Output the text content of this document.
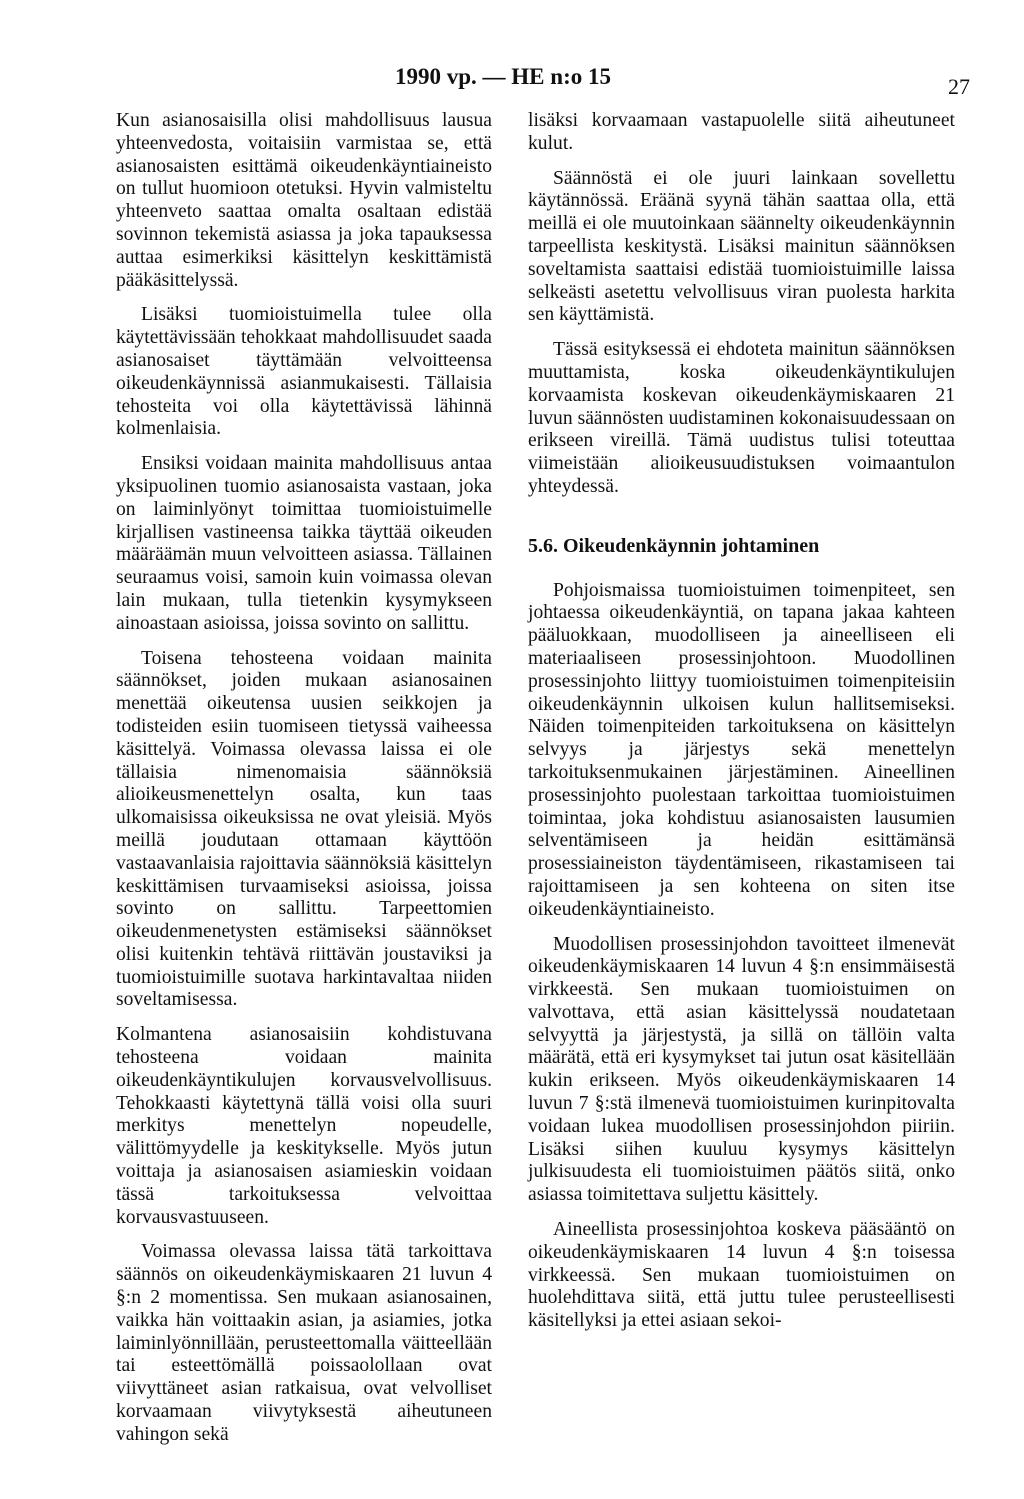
1990 vp. — HE n:o 15	27

Kun asianosaisilla olisi mahdollisuus lausua yhteenvedosta, voitaisiin varmistaa se, että asianosaisten esittämä oikeudenkäyntiaineisto on tullut huomioon otetuksi. Hyvin valmisteltu yhteenveto saattaa omalta osaltaan edistää sovinnon tekemistä asiassa ja joka tapauksessa auttaa esimerkiksi käsittelyn keskittämistä pääkäsittelyssä.

Lisäksi tuomioistuimella tulee olla käytettävissään tehokkaat mahdollisuudet saada asianosaiset täyttämään velvoitteensa oikeudenkäynnissä asianmukaisesti. Tällaisia tehosteita voi olla käytettävissä lähinnä kolmenlaisia.

Ensiksi voidaan mainita mahdollisuus antaa yksipuolinen tuomio asianosaista vastaan, joka on laiminlyönyt toimittaa tuomioistuimelle kirjallisen vastineensa taikka täyttää oikeuden määräämän muun velvoitteen asiassa. Tällainen seuraamus voisi, samoin kuin voimassa olevan lain mukaan, tulla tietenkin kysymykseen ainoastaan asioissa, joissa sovinto on sallittu.

Toisena tehosteena voidaan mainita säännökset, joiden mukaan asianosainen menettää oikeutensa uusien seikkojen ja todisteiden esiin tuomiseen tietyssä vaiheessa käsittelyä. Voimassa olevassa laissa ei ole tällaisia nimenomaisia säännöksiä alioikeusmenettelyn osalta, kun taas ulkomaisissa oikeuksissa ne ovat yleisiä. Myös meillä joudutaan ottamaan käyttöön vastaavanlaisia rajoittavia säännöksiä käsittelyn keskittämisen turvaamiseksi asioissa, joissa sovinto on sallittu. Tarpeettomien oikeudenmenetysten estämiseksi säännökset olisi kuitenkin tehtävä riittävän joustaviksi ja tuomioistuimille suotava harkintavaltaa niiden soveltamisessa.

Kolmantena asianosaisiin kohdistuvana tehosteena voidaan mainita oikeudenkäyntikulujen korvausvelvollisuus. Tehokkaasti käytettynä tällä voisi olla suuri merkitys menettelyn nopeudelle, välittömyydelle ja keskitykselle. Myös jutun voittaja ja asianosaisen asiamieskin voidaan tässä tarkoituksessa velvoittaa korvausvastuuseen.

Voimassa olevassa laissa tätä tarkoittava säännös on oikeudenkäymiskaaren 21 luvun 4 §:n 2 momentissa. Sen mukaan asianosainen, vaikka hän voittaakin asian, ja asiamies, jotka laiminlyönnillään, perusteettomalla väitteellään tai esteettömällä poissaolollaan ovat viivyttäneet asian ratkaisua, ovat velvolliset korvaamaan viivytyksestä aiheutuneen vahingon sekä

lisäksi korvaamaan vastapuolelle siitä aiheutuneet kulut.

Säännöstä ei ole juuri lainkaan sovellettu käytännössä. Eräänä syynä tähän saattaa olla, että meillä ei ole muutoinkaan säännelty oikeudenkäynnin tarpeellista keskitystä. Lisäksi mainitun säännöksen soveltamista saattaisi edistää tuomioistuimille laissa selkeästi asetettu velvollisuus viran puolesta harkita sen käyttämistä.

Tässä esityksessä ei ehdoteta mainitun säännöksen muuttamista, koska oikeudenkäyntikulujen korvaamista koskevan oikeudenkäymiskaaren 21 luvun säännösten uudistaminen kokonaisuudessaan on erikseen vireillä. Tämä uudistus tulisi toteuttaa viimeistään alioikeusuudistuksen voimaantulon yhteydessä.

5.6. Oikeudenkäynnin johtaminen

Pohjoismaissa tuomioistuimen toimenpiteet, sen johtaessa oikeudenkäyntiä, on tapana jakaa kahteen pääluokkaan, muodolliseen ja aineelliseen eli materiaaliseen prosessinjohtoon. Muodollinen prosessinjohto liittyy tuomioistuimen toimenpiteisiin oikeudenkäynnin ulkoisen kulun hallitsemiseksi. Näiden toimenpiteiden tarkoituksena on käsittelyn selvyys ja järjestys sekä menettelyn tarkoituksenmukainen järjestäminen. Aineellinen prosessinjohto puolestaan tarkoittaa tuomioistuimen toimintaa, joka kohdistuu asianosaisten lausumien selventämiseen ja heidän esittämänsä prosessiaineiston täydentämiseen, rikastamiseen tai rajoittamiseen ja sen kohteena on siten itse oikeudenkäyntiaineisto.

Muodollisen prosessinjohdon tavoitteet ilmenevät oikeudenkäymiskaaren 14 luvun 4 §:n ensimmäisestä virkkeestä. Sen mukaan tuomioistuimen on valvottava, että asian käsittelyssä noudatetaan selvyyttä ja järjestystä, ja sillä on tällöin valta määrätä, että eri kysymykset tai jutun osat käsitellään kukin erikseen. Myös oikeudenkäymiskaaren 14 luvun 7 §:stä ilmenevä tuomioistuimen kurinpitovalta voidaan lukea muodollisen prosessinjohdon piiriin. Lisäksi siihen kuuluu kysymys käsittelyn julkisuudesta eli tuomioistuimen päätös siitä, onko asiassa toimitettava suljettu käsittely.

Aineellista prosessinjohtoa koskeva pääsääntö on oikeudenkäymiskaaren 14 luvun 4 §:n toisessa virkkeessä. Sen mukaan tuomioistuimen on huolehdittava siitä, että juttu tulee perusteellisesti käsitellyksi ja ettei asiaan sekoi-
